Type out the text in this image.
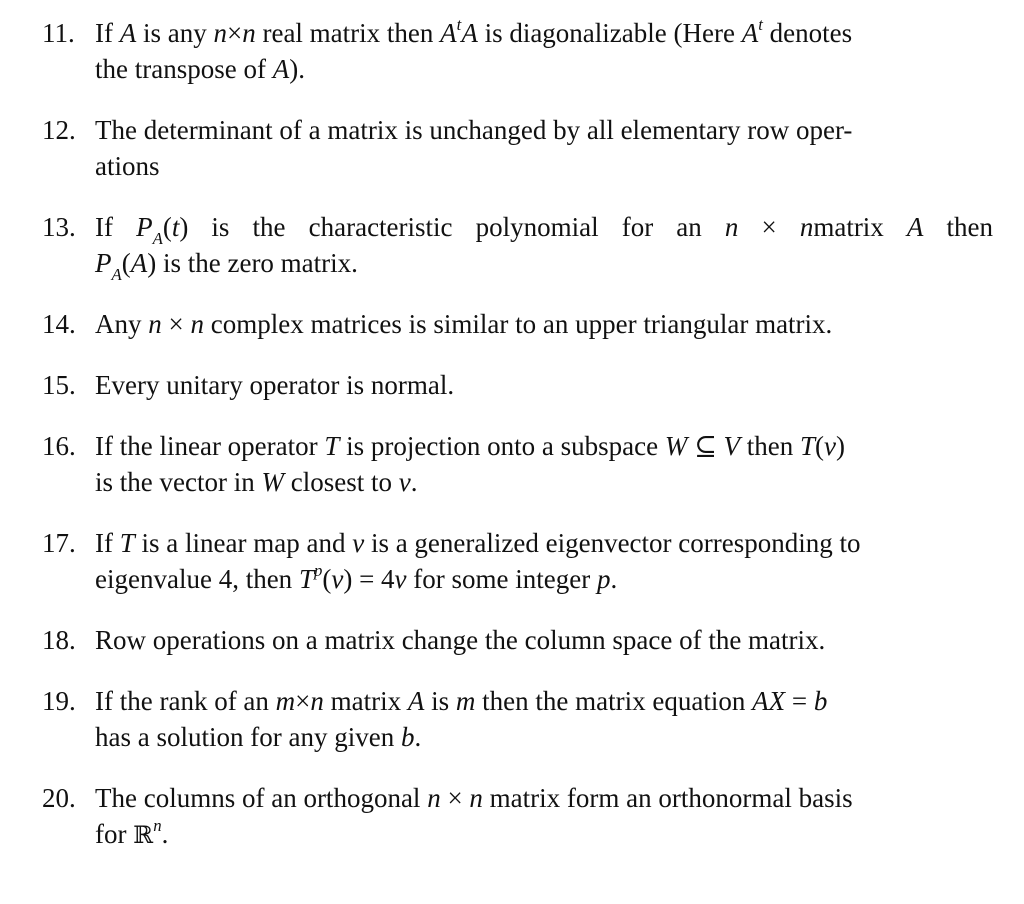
11. If A is any n×n real matrix then $A^tA$ is diagonalizable (Here $A^t$ denotes
the transpose of A).
12. The determinant of a matrix is unchanged by all elementary row oper-
ations
13. If $P_A(t)$ is the characteristic polynomial for an n × nmatrix A then
$P_A(A)$ is the zero matrix.
14. Any n × n complex matrices is similar to an upper triangular matrix.
15. Every unitary operator is normal.
16. If the linear operator T is projection onto a subspace W ⊆ V then T(v)
is the vector in W closest to v.
17. If T is a linear map and v is a generalized eigenvector corresponding to
eigenvalue 4, then $T^p(v) = 4v$ for some integer p.
18. Row operations on a matrix change the column space of the matrix.
19. If the rank of an m×n matrix A is m then the matrix equation AX = b
has a solution for any given b.
20. The columns of an orthogonal n × n matrix form an orthonormal basis
for ℝ$^n$.
